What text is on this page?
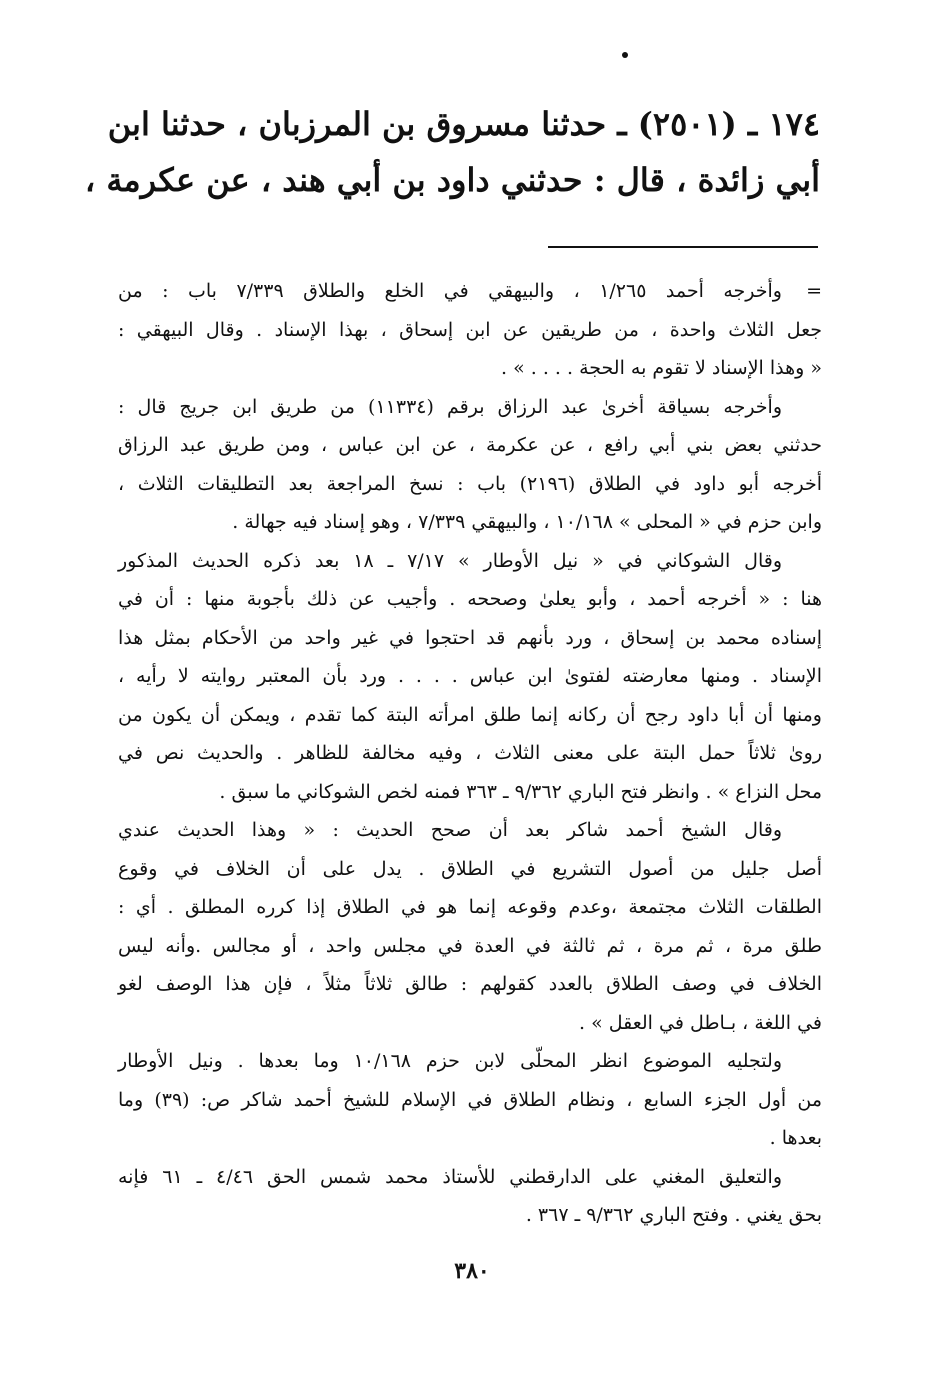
١٧٤ ـ (٢٥٠١) ـ حدثنا مسروق بن المرزبان ، حدثنا ابن
أبي زائدة ، قال : حدثني داود بن أبي هند ، عن عكرمة ،
=
وأخرجه أحمد ١/٢٦٥ ، والبيهقي في الخلع والطلاق ٧/٣٣٩ باب : من
جعل الثلاث واحدة ، من طريقين عن ابن إسحاق ، بهذا الإسناد . وقال البيهقي :
« وهذا الإسناد لا تقوم به الحجة . . . . » .
وأخرجه بسياقة أخرىٰ عبد الرزاق برقم (١١٣٣٤) من طريق ابن جريج قال :
حدثني بعض بني أبي رافع ، عن عكرمة ، عن ابن عباس ، ومن طريق عبد الرزاق
أخرجه أبو داود في الطلاق (٢١٩٦) باب : نسخ المراجعة بعد التطليقات الثلاث ،
وابن حزم في « المحلى » ١٠/١٦٨ ، والبيهقي ٧/٣٣٩ ، وهو إسناد فيه جهالة .
وقال الشوكاني في « نيل الأوطار » ٧/١٧ ـ ١٨ بعد ذكره الحديث المذكور
هنا : « أخرجه أحمد ، وأبو يعلىٰ وصححه . وأجيب عن ذلك بأجوبة منها : أن في
إسناده محمد بن إسحاق ، ورد بأنهم قد احتجوا في غير واحد من الأحكام بمثل هذا
الإسناد . ومنها معارضته لفتوىٰ ابن عباس . . . . ورد بأن المعتبر روايته لا رأيه ،
ومنها أن أبا داود رجح أن ركانه إنما طلق امرأته البتة كما تقدم ، ويمكن أن يكون من
روىٰ ثلاثاً حمل البتة على معنى الثلاث ، وفيه مخالفة للظاهر . والحديث نص في
محل النزاع » . وانظر فتح الباري ٩/٣٦٢ ـ ٣٦٣ فمنه لخص الشوكاني ما سبق .
وقال الشيخ أحمد شاكر بعد أن صحح الحديث : « وهذا الحديث عندي
أصل جليل من أصول التشريع في الطلاق . يدل على أن الخلاف في وقوع
الطلقات الثلاث مجتمعة ،وعدم وقوعه إنما هو في الطلاق إذا كرره المطلق . أي :
طلق مرة ، ثم مرة ، ثم ثالثة في العدة في مجلس واحد ، أو مجالس .وأنه ليس
الخلاف في وصف الطلاق بالعدد كقولهم : طالق ثلاثاً مثلاً ، فإن هذا الوصف لغو
في اللغة ، بـاطل في العقل » .
ولتجليه الموضوع انظر المحلّى لابن حزم ١٠/١٦٨ وما بعدها . ونيل الأوطار
من أول الجزء السابع ، ونظام الطلاق في الإسلام للشيخ أحمد شاكر ص: (٣٩) وما
بعدها .
والتعليق المغني على الدارقطني للأستاذ محمد شمس الحق ٤/٤٦ ـ ٦١ فإنه
بحق يغني . وفتح الباري ٩/٣٦٢ ـ ٣٦٧ .
٣٨٠
